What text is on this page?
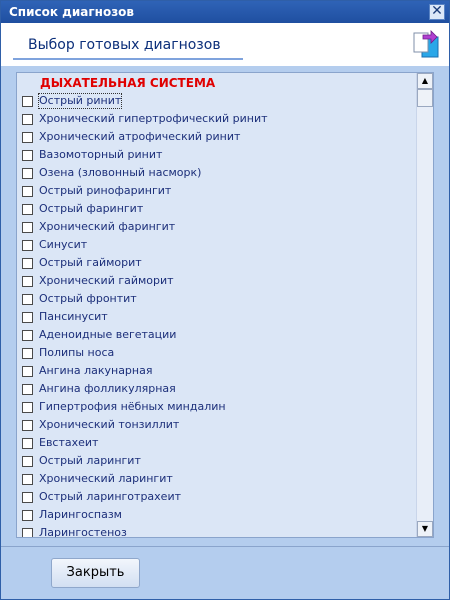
Список диагнозов	✕
Выбор готовых диагнозов
ДЫХАТЕЛЬНАЯ СИСТЕМА
Острый ринит
Хронический гипертрофический ринит
Хронический атрофический ринит
Вазомоторный ринит
Озена (зловонный насморк)
Острый ринофарингит
Острый фарингит
Хронический фарингит
Синусит
Острый гайморит
Хронический гайморит
Острый фронтит
Пансинусит
Аденоидные вегетации
Полипы носа
Ангина лакунарная
Ангина фолликулярная
Гипертрофия нёбных миндалин
Хронический тонзиллит
Евстахеит
Острый ларингит
Хронический ларингит
Острый ларинготрахеит
Ларингоспазм
Ларингостеноз
▲
▼
Закрыть
